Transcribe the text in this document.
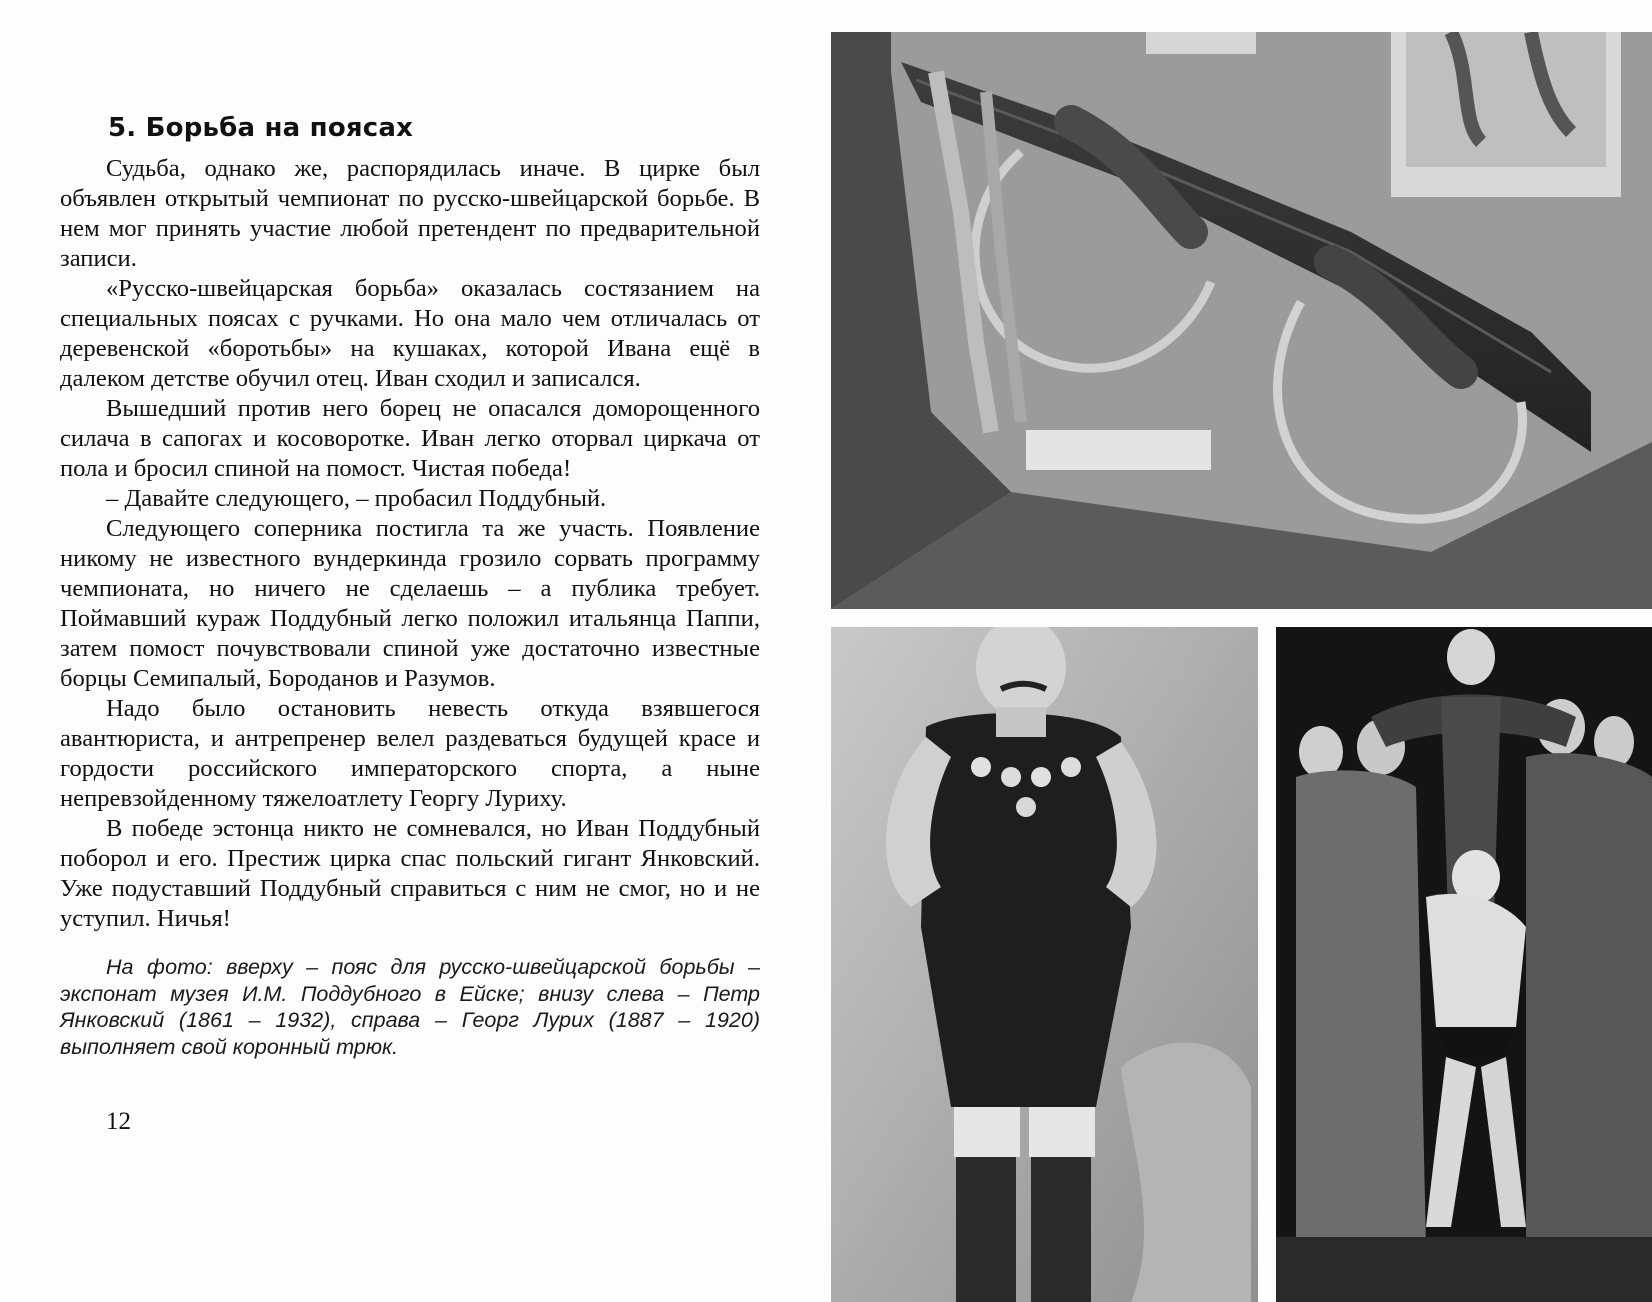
5. Борьба на поясах

Судьба, однако же, распорядилась иначе. В цирке был объявлен открытый чемпионат по русско-швейцарской борьбе. В нем мог принять участие любой претендент по предварительной записи.

«Русско-швейцарская борьба» оказалась состязанием на специальных поясах с ручками. Но она мало чем отличалась от деревенской «боротьбы» на кушаках, которой Ивана ещё в далеком детстве обучил отец. Иван сходил и записался.

Вышедший против него борец не опасался доморощенного силача в сапогах и косоворотке. Иван легко оторвал циркача от пола и бросил спиной на помост. Чистая победа!

– Давайте следующего, – пробасил Поддубный.

Следующего соперника постигла та же участь. Появление никому не известного вундеркинда грозило сорвать программу чемпионата, но ничего не сделаешь – а публика требует. Поймавший кураж Поддубный легко положил итальянца Паппи, затем помост почувствовали спиной уже достаточно известные борцы Семипалый, Бороданов и Разумов.

Надо было остановить невесть откуда взявшегося авантюриста, и антрепренер велел раздеваться будущей красе и гордости российского императорского спорта, а ныне непревзойденному тяжелоатлету Георгу Луриху.

В победе эстонца никто не сомневался, но Иван Поддубный поборол и его. Престиж цирка спас польский гигант Янковский. Уже подуставший Поддубный справиться с ним не смог, но и не уступил. Ничья!

На фото: вверху – пояс для русско-швейцарской борьбы – экспонат музея И.М. Поддубного в Ейске; внизу слева – Петр Янковский (1861 – 1932), справа – Георг Лурих (1887 – 1920) выполняет свой коронный трюк.

12
